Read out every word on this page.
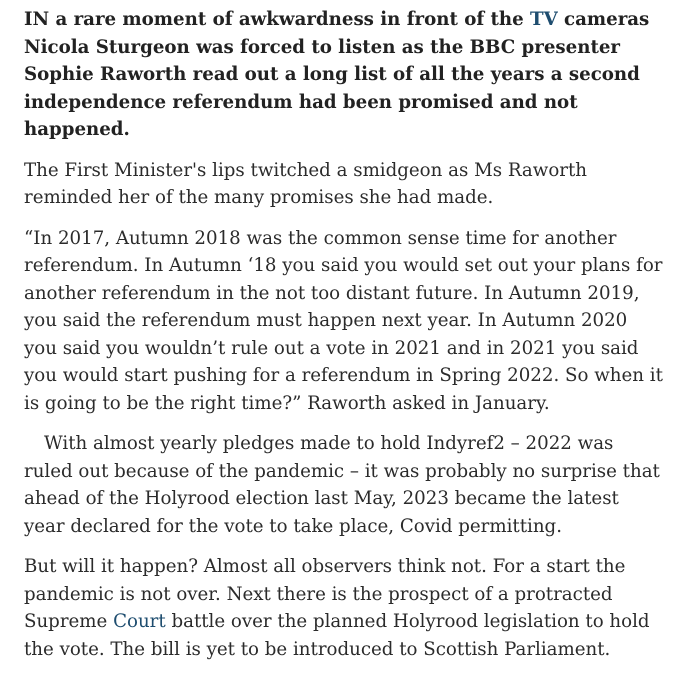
IN a rare moment of awkwardness in front of the TV cameras Nicola Sturgeon was forced to listen as the BBC presenter Sophie Raworth read out a long list of all the years a second independence referendum had been promised and not happened.

The First Minister's lips twitched a smidgeon as Ms Raworth reminded her of the many promises she had made.

“In 2017, Autumn 2018 was the common sense time for another referendum. In Autumn ‘18 you said you would set out your plans for another referendum in the not too distant future. In Autumn 2019, you said the referendum must happen next year. In Autumn 2020 you said you wouldn’t rule out a vote in 2021 and in 2021 you said you would start pushing for a referendum in Spring 2022. So when it is going to be the right time?” Raworth asked in January.

With almost yearly pledges made to hold Indyref2 – 2022 was ruled out because of the pandemic – it was probably no surprise that ahead of the Holyrood election last May, 2023 became the latest year declared for the vote to take place, Covid permitting.

But will it happen? Almost all observers think not. For a start the pandemic is not over. Next there is the prospect of a protracted Supreme Court battle over the planned Holyrood legislation to hold the vote. The bill is yet to be introduced to Scottish Parliament.
